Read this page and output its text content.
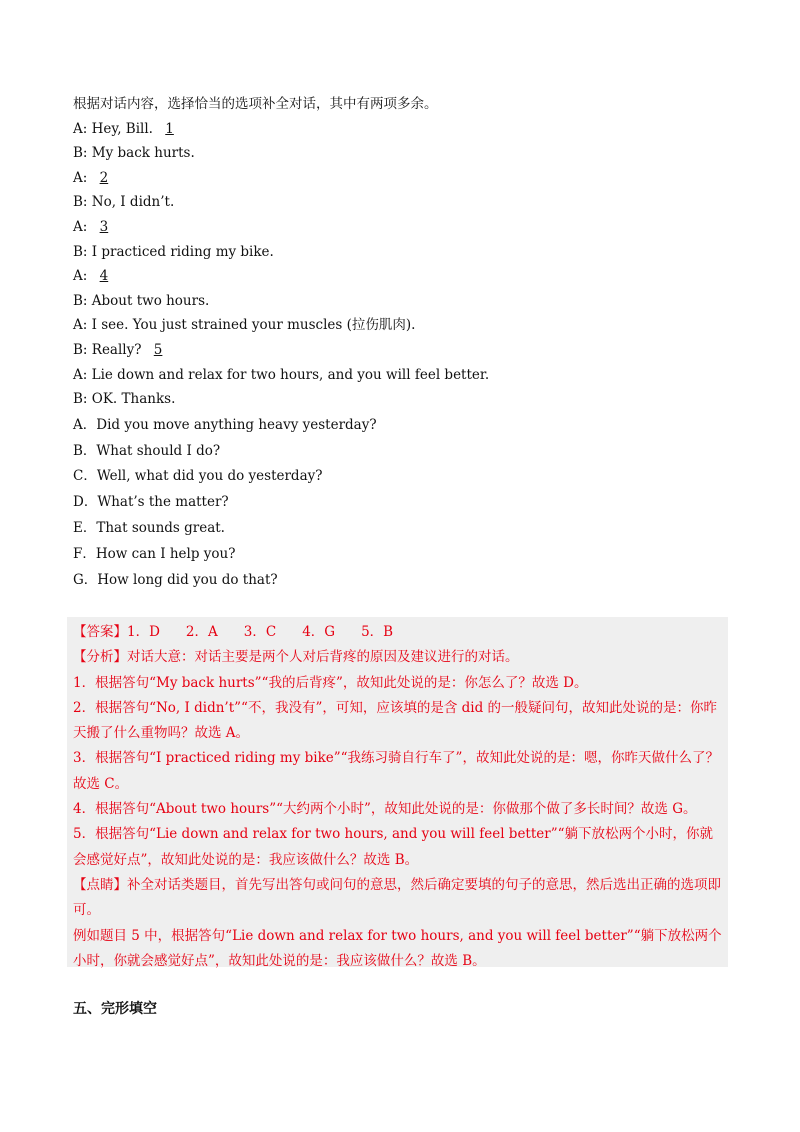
根据对话内容，选择恰当的选项补全对话，其中有两项多余。
A: Hey, Bill. 1
B: My back hurts.
A: 2
B: No, I didn’t.
A: 3
B: I practiced riding my bike.
A: 4
B: About two hours.
A: I see. You just strained your muscles (拉伤肌肉).
B: Really? 5
A: Lie down and relax for two hours, and you will feel better.
B: OK. Thanks.
A．Did you move anything heavy yesterday?
B．What should I do?
C．Well, what did you do yesterday?
D．What’s the matter?
E．That sounds great.
F．How can I help you?
G．How long did you do that?
【答案】1．D 2．A 3．C 4．G 5．B
【分析】对话大意：对话主要是两个人对后背疼的原因及建议进行的对话。
1．根据答句“My back hurts”“我的后背疼”，故知此处说的是：你怎么了？故选 D。
2．根据答句“No, I didn’t”“不，我没有”，可知，应该填的是含 did 的一般疑问句，故知此处说的是：你昨天搬了什么重物吗？故选 A。
3．根据答句“I practiced riding my bike”“我练习骑自行车了”，故知此处说的是：嗯，你昨天做什么了？故选 C。
4．根据答句“About two hours”“大约两个小时”，故知此处说的是：你做那个做了多长时间？故选 G。
5．根据答句“Lie down and relax for two hours, and you will feel better”“躺下放松两个小时，你就会感觉好点”，故知此处说的是：我应该做什么？故选 B。
【点睛】补全对话类题目，首先写出答句或问句的意思，然后确定要填的句子的意思，然后选出正确的选项即可。
例如题目 5 中，根据答句“Lie down and relax for two hours, and you will feel better”“躺下放松两个小时，你就会感觉好点”，故知此处说的是：我应该做什么？故选 B。
五、完形填空
